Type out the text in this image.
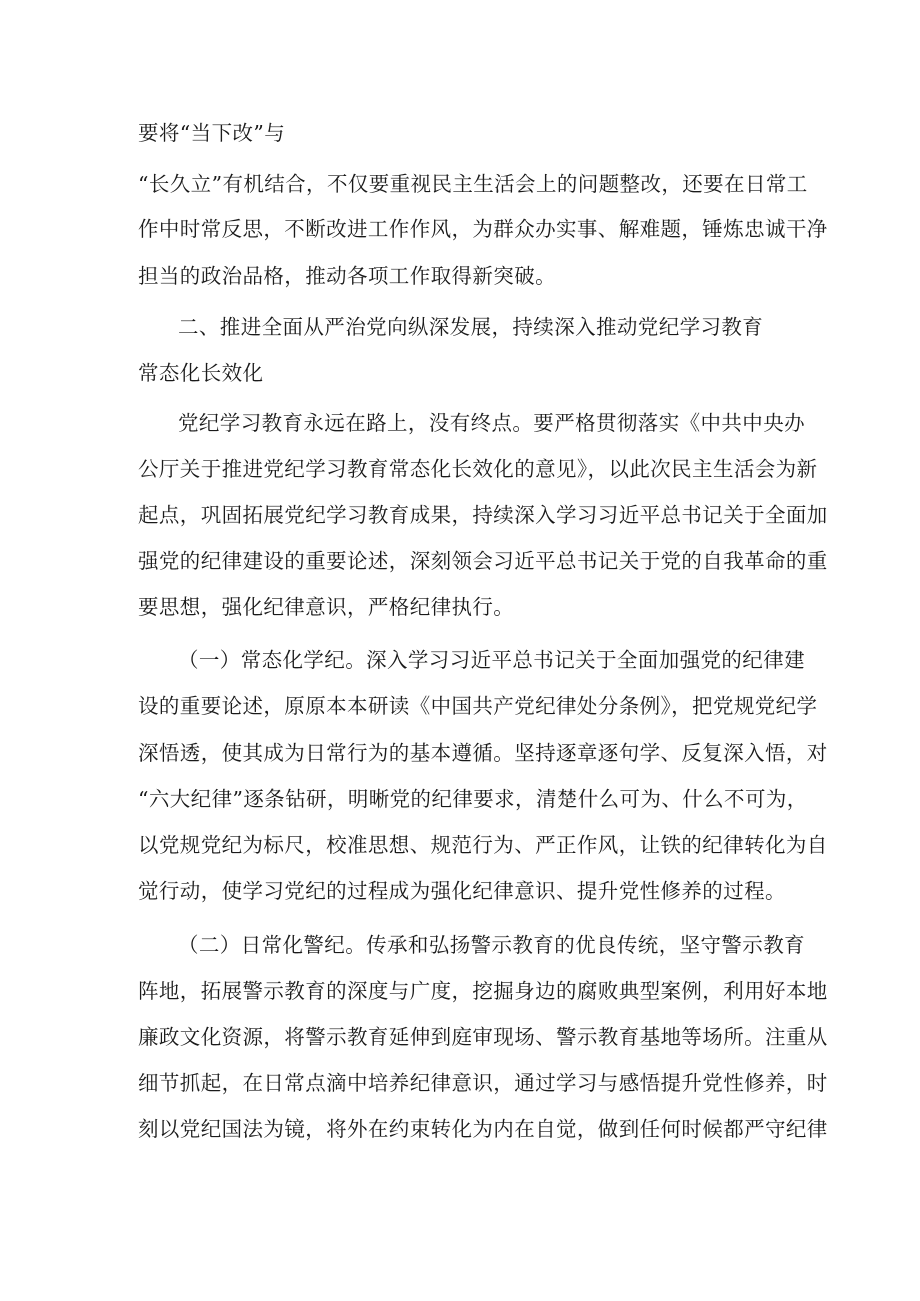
要将“当下改”与
“长久立”有机结合，不仅要重视民主生活会上的问题整改，还要在日常工
作中时常反思，不断改进工作作风，为群众办实事、解难题，锤炼忠诚干净
担当的政治品格，推动各项工作取得新突破。
二、推进全面从严治党向纵深发展，持续深入推动党纪学习教育
常态化长效化
党纪学习教育永远在路上，没有终点。要严格贯彻落实《中共中央办
公厅关于推进党纪学习教育常态化长效化的意见》，以此次民主生活会为新
起点，巩固拓展党纪学习教育成果，持续深入学习习近平总书记关于全面加
强党的纪律建设的重要论述，深刻领会习近平总书记关于党的自我革命的重
要思想，强化纪律意识，严格纪律执行。
（一）常态化学纪。深入学习习近平总书记关于全面加强党的纪律建
设的重要论述，原原本本研读《中国共产党纪律处分条例》，把党规党纪学
深悟透，使其成为日常行为的基本遵循。坚持逐章逐句学、反复深入悟，对
“六大纪律”逐条钻研，明晰党的纪律要求，清楚什么可为、什么不可为，
以党规党纪为标尺，校准思想、规范行为、严正作风，让铁的纪律转化为自
觉行动，使学习党纪的过程成为强化纪律意识、提升党性修养的过程。
（二）日常化警纪。传承和弘扬警示教育的优良传统，坚守警示教育
阵地，拓展警示教育的深度与广度，挖掘身边的腐败典型案例，利用好本地
廉政文化资源，将警示教育延伸到庭审现场、警示教育基地等场所。注重从
细节抓起，在日常点滴中培养纪律意识，通过学习与感悟提升党性修养，时
刻以党纪国法为镜，将外在约束转化为内在自觉，做到任何时候都严守纪律
